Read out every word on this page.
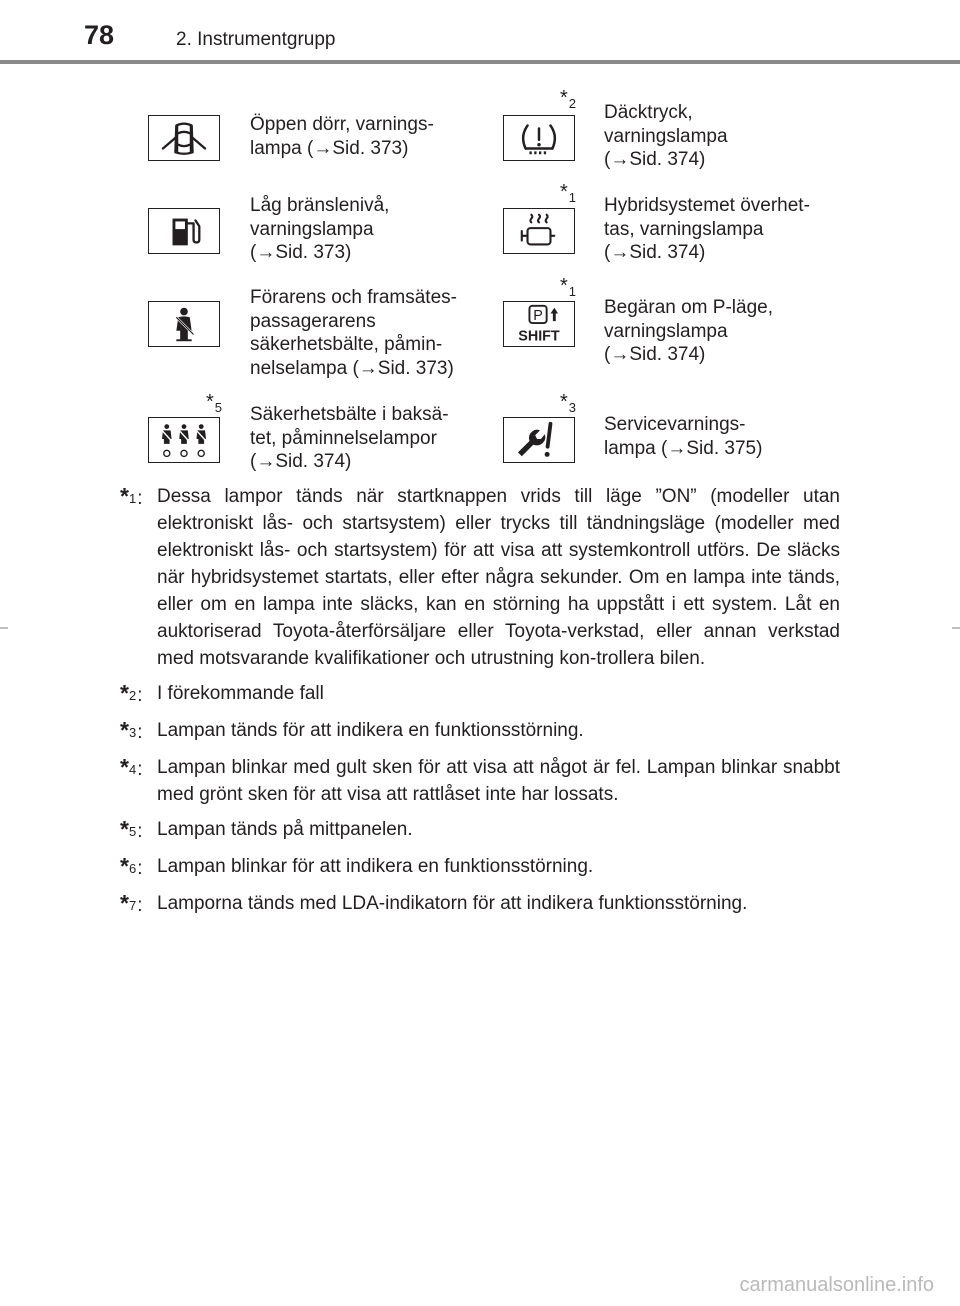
78	2. Instrumentgrupp
Öppen dörr, varnings-
lampa (→Sid. 373)
$*_2$ Däcktryck,
varningslampa
(→Sid. 374)
Låg bränslenivå,
varningslampa
(→Sid. 373)
$*_1$ Hybridsystemet överhet-
tas, varningslampa
(→Sid. 374)
Förarens och framsätes-
passagerarens
säkerhetsbälte, påmin-
nelselampa (→Sid. 373)
$*_1$
P
SHIFT
Begäran om P-läge,
varningslampa
(→Sid. 374)
$*_5$ Säkerhetsbälte i baksä-
tet, påminnelselampor
(→Sid. 374)
$*_3$
Servicevarnings-
lampa (→Sid. 375)
*$^1$: Dessa lampor tänds när startknappen vrids till läge ”ON” (modeller utan elektroniskt lås- och startsystem) eller trycks till tändningsläge (modeller med elektroniskt lås- och startsystem) för att visa att systemkontroll utförs. De släcks när hybridsystemet startats, eller efter några sekunder. Om en lampa inte tänds, eller om en lampa inte släcks, kan en störning ha uppstått i ett system. Låt en auktoriserad Toyota-återförsäljare eller Toyota-verkstad, eller annan verkstad med motsvarande kvalifikationer och utrustning kon-trollera bilen.
*$^2$: I förekommande fall
*$^3$: Lampan tänds för att indikera en funktionsstörning.
*$^4$: Lampan blinkar med gult sken för att visa att något är fel. Lampan blinkar snabbt med grönt sken för att visa att rattlåset inte har lossats.
*$^5$: Lampan tänds på mittpanelen.
*$^6$: Lampan blinkar för att indikera en funktionsstörning.
*$^7$: Lamporna tänds med LDA-indikatorn för att indikera funktionsstörning.
carmanualsonline.info
